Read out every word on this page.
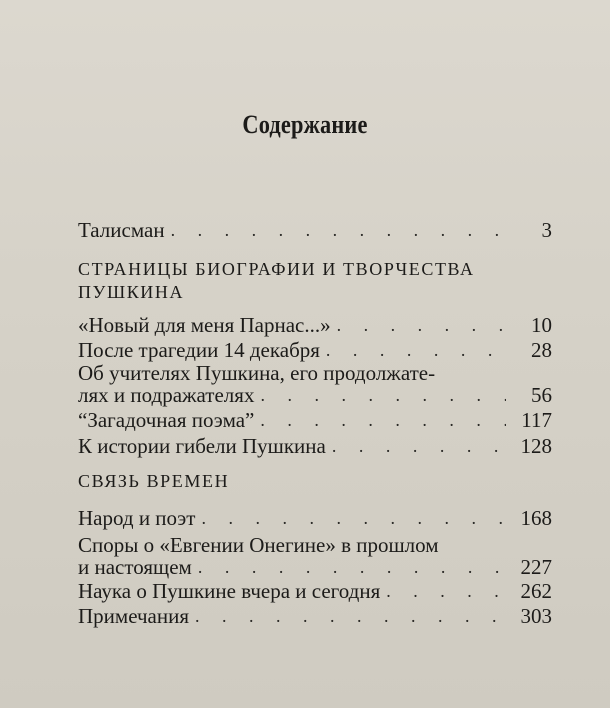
Содержание
Талисман . . .	3
СТРАНИЦЫ БИОГРАФИИ И ТВОРЧЕСТВА
ПУШКИНА
«Новый для меня Парнас...» . . .	10
После трагедии 14 декабря . . .	28
Об учителях Пушкина, его продолжате-
лях и подражателях . . .	56
“Загадочная поэма” . . .	117
К истории гибели Пушкина . . .	128
СВЯЗЬ ВРЕМЕН
Народ и поэт . . .	168
Споры о «Евгении Онегине» в прошлом
и настоящем . . .	227
Наука о Пушкине вчера и сегодня . . .	262
Примечания . . .	303
